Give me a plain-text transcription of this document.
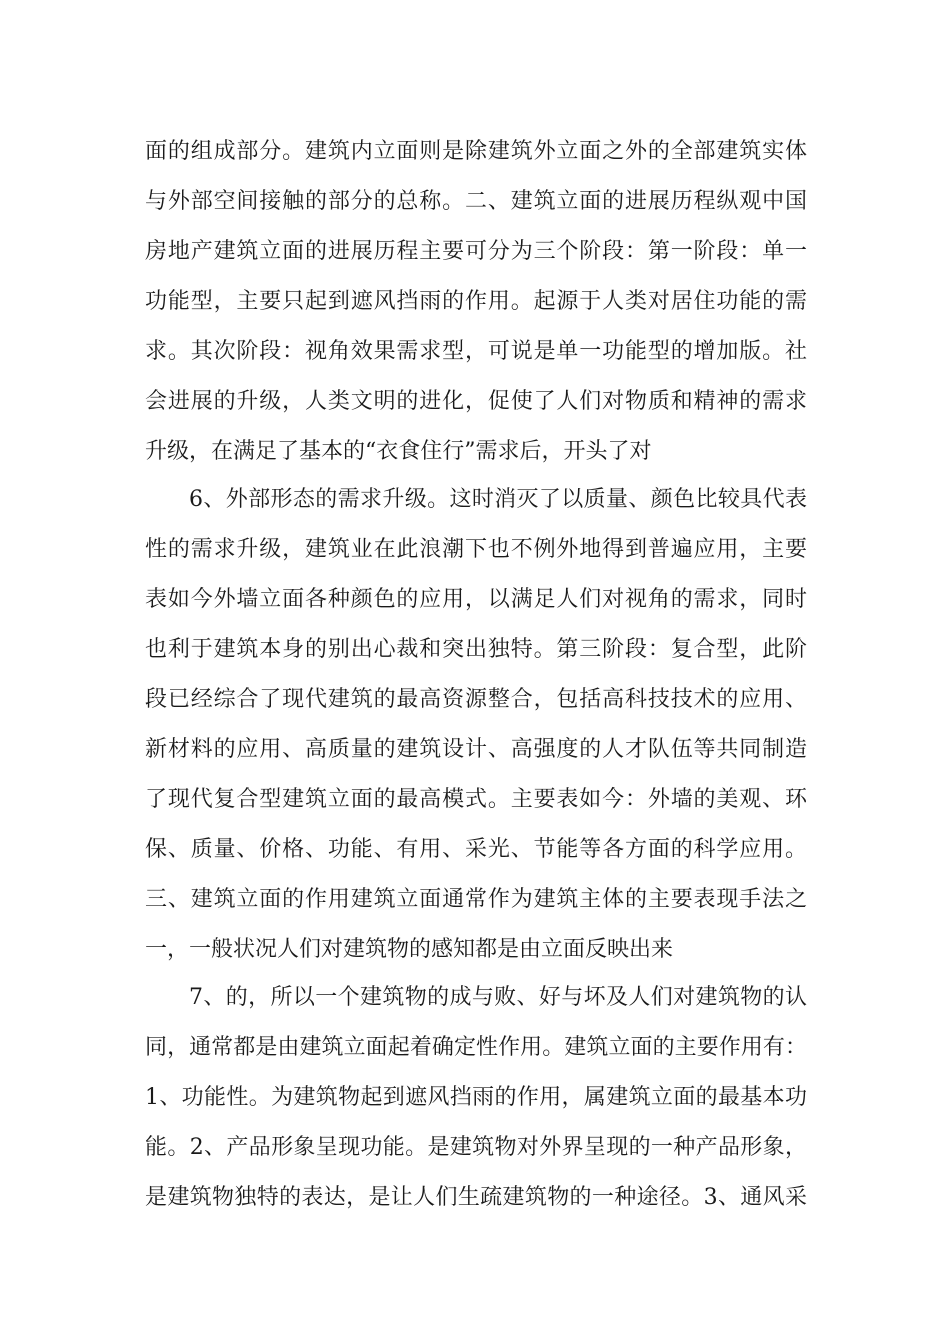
面的组成部分。建筑内立面则是除建筑外立面之外的全部建筑实体
与外部空间接触的部分的总称。二、建筑立面的进展历程纵观中国
房地产建筑立面的进展历程主要可分为三个阶段：第一阶段：单一
功能型，主要只起到遮风挡雨的作用。起源于人类对居住功能的需
求。其次阶段：视角效果需求型，可说是单一功能型的增加版。社
会进展的升级，人类文明的进化，促使了人们对物质和精神的需求
升级，在满足了基本的“衣食住行”需求后，开头了对
6、外部形态的需求升级。这时消灭了以质量、颜色比较具代表
性的需求升级，建筑业在此浪潮下也不例外地得到普遍应用，主要
表如今外墙立面各种颜色的应用，以满足人们对视角的需求，同时
也利于建筑本身的别出心裁和突出独特。第三阶段：复合型，此阶
段已经综合了现代建筑的最高资源整合，包括高科技技术的应用、
新材料的应用、高质量的建筑设计、高强度的人才队伍等共同制造
了现代复合型建筑立面的最高模式。主要表如今：外墙的美观、环
保、质量、价格、功能、有用、采光、节能等各方面的科学应用。
三、建筑立面的作用建筑立面通常作为建筑主体的主要表现手法之
一，一般状况人们对建筑物的感知都是由立面反映出来
7、的，所以一个建筑物的成与败、好与坏及人们对建筑物的认
同，通常都是由建筑立面起着确定性作用。建筑立面的主要作用有：
1、功能性。为建筑物起到遮风挡雨的作用，属建筑立面的最基本功
能。2、产品形象呈现功能。是建筑物对外界呈现的一种产品形象，
是建筑物独特的表达，是让人们生疏建筑物的一种途径。3、通风采
